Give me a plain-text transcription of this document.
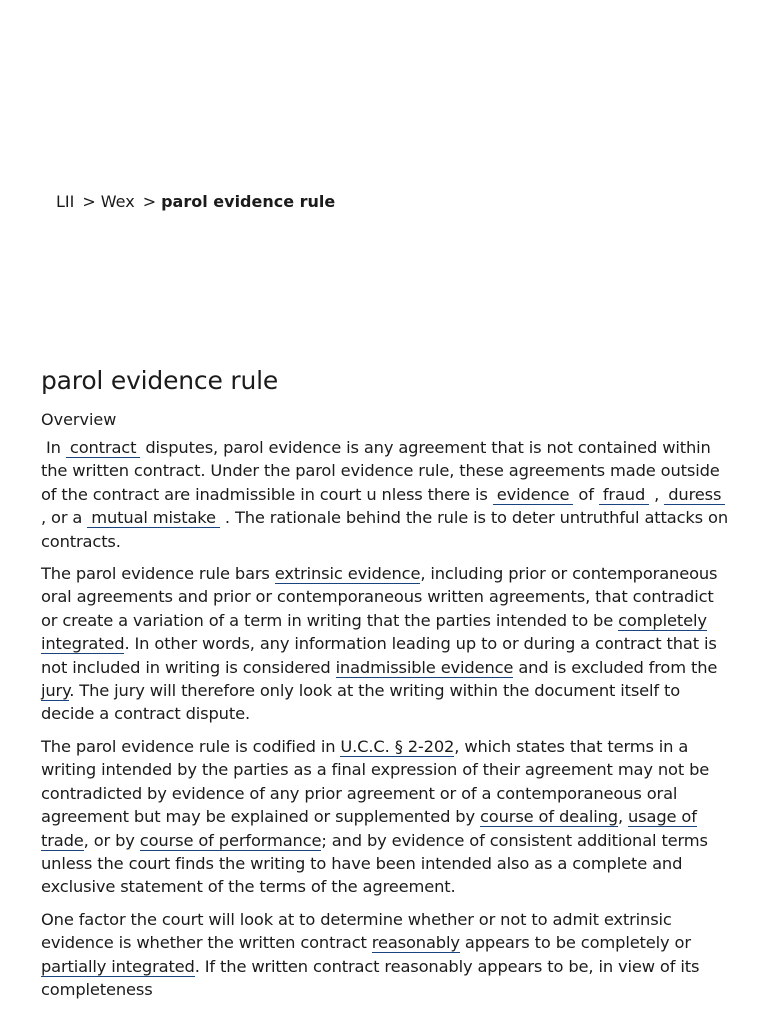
LII > Wex > parol evidence rule
parol evidence rule
Overview

In contract disputes, parol evidence is any agreement that is not contained within the written contract. Under the parol evidence rule, these agreements made outside of the contract are inadmissible in court u nless there is evidence of fraud , duress , or a mutual mistake . The rationale behind the rule is to deter untruthful attacks on contracts.

The parol evidence rule bars extrinsic evidence, including prior or contemporaneous oral agreements and prior or contemporaneous written agreements, that contradict or create a variation of a term in writing that the parties intended to be completely integrated. In other words, any information leading up to or during a contract that is not included in writing is considered inadmissible evidence and is excluded from the jury. The jury will therefore only look at the writing within the document itself to decide a contract dispute.

The parol evidence rule is codified in U.C.C. § 2-202, which states that terms in a writing intended by the parties as a final expression of their agreement may not be contradicted by evidence of any prior agreement or of a contemporaneous oral agreement but may be explained or supplemented by course of dealing, usage of trade, or by course of performance; and by evidence of consistent additional terms unless the court finds the writing to have been intended also as a complete and exclusive statement of the terms of the agreement.

One factor the court will look at to determine whether or not to admit extrinsic evidence is whether the written contract reasonably appears to be completely or partially integrated. If the written contract reasonably appears to be, in view of its completeness
